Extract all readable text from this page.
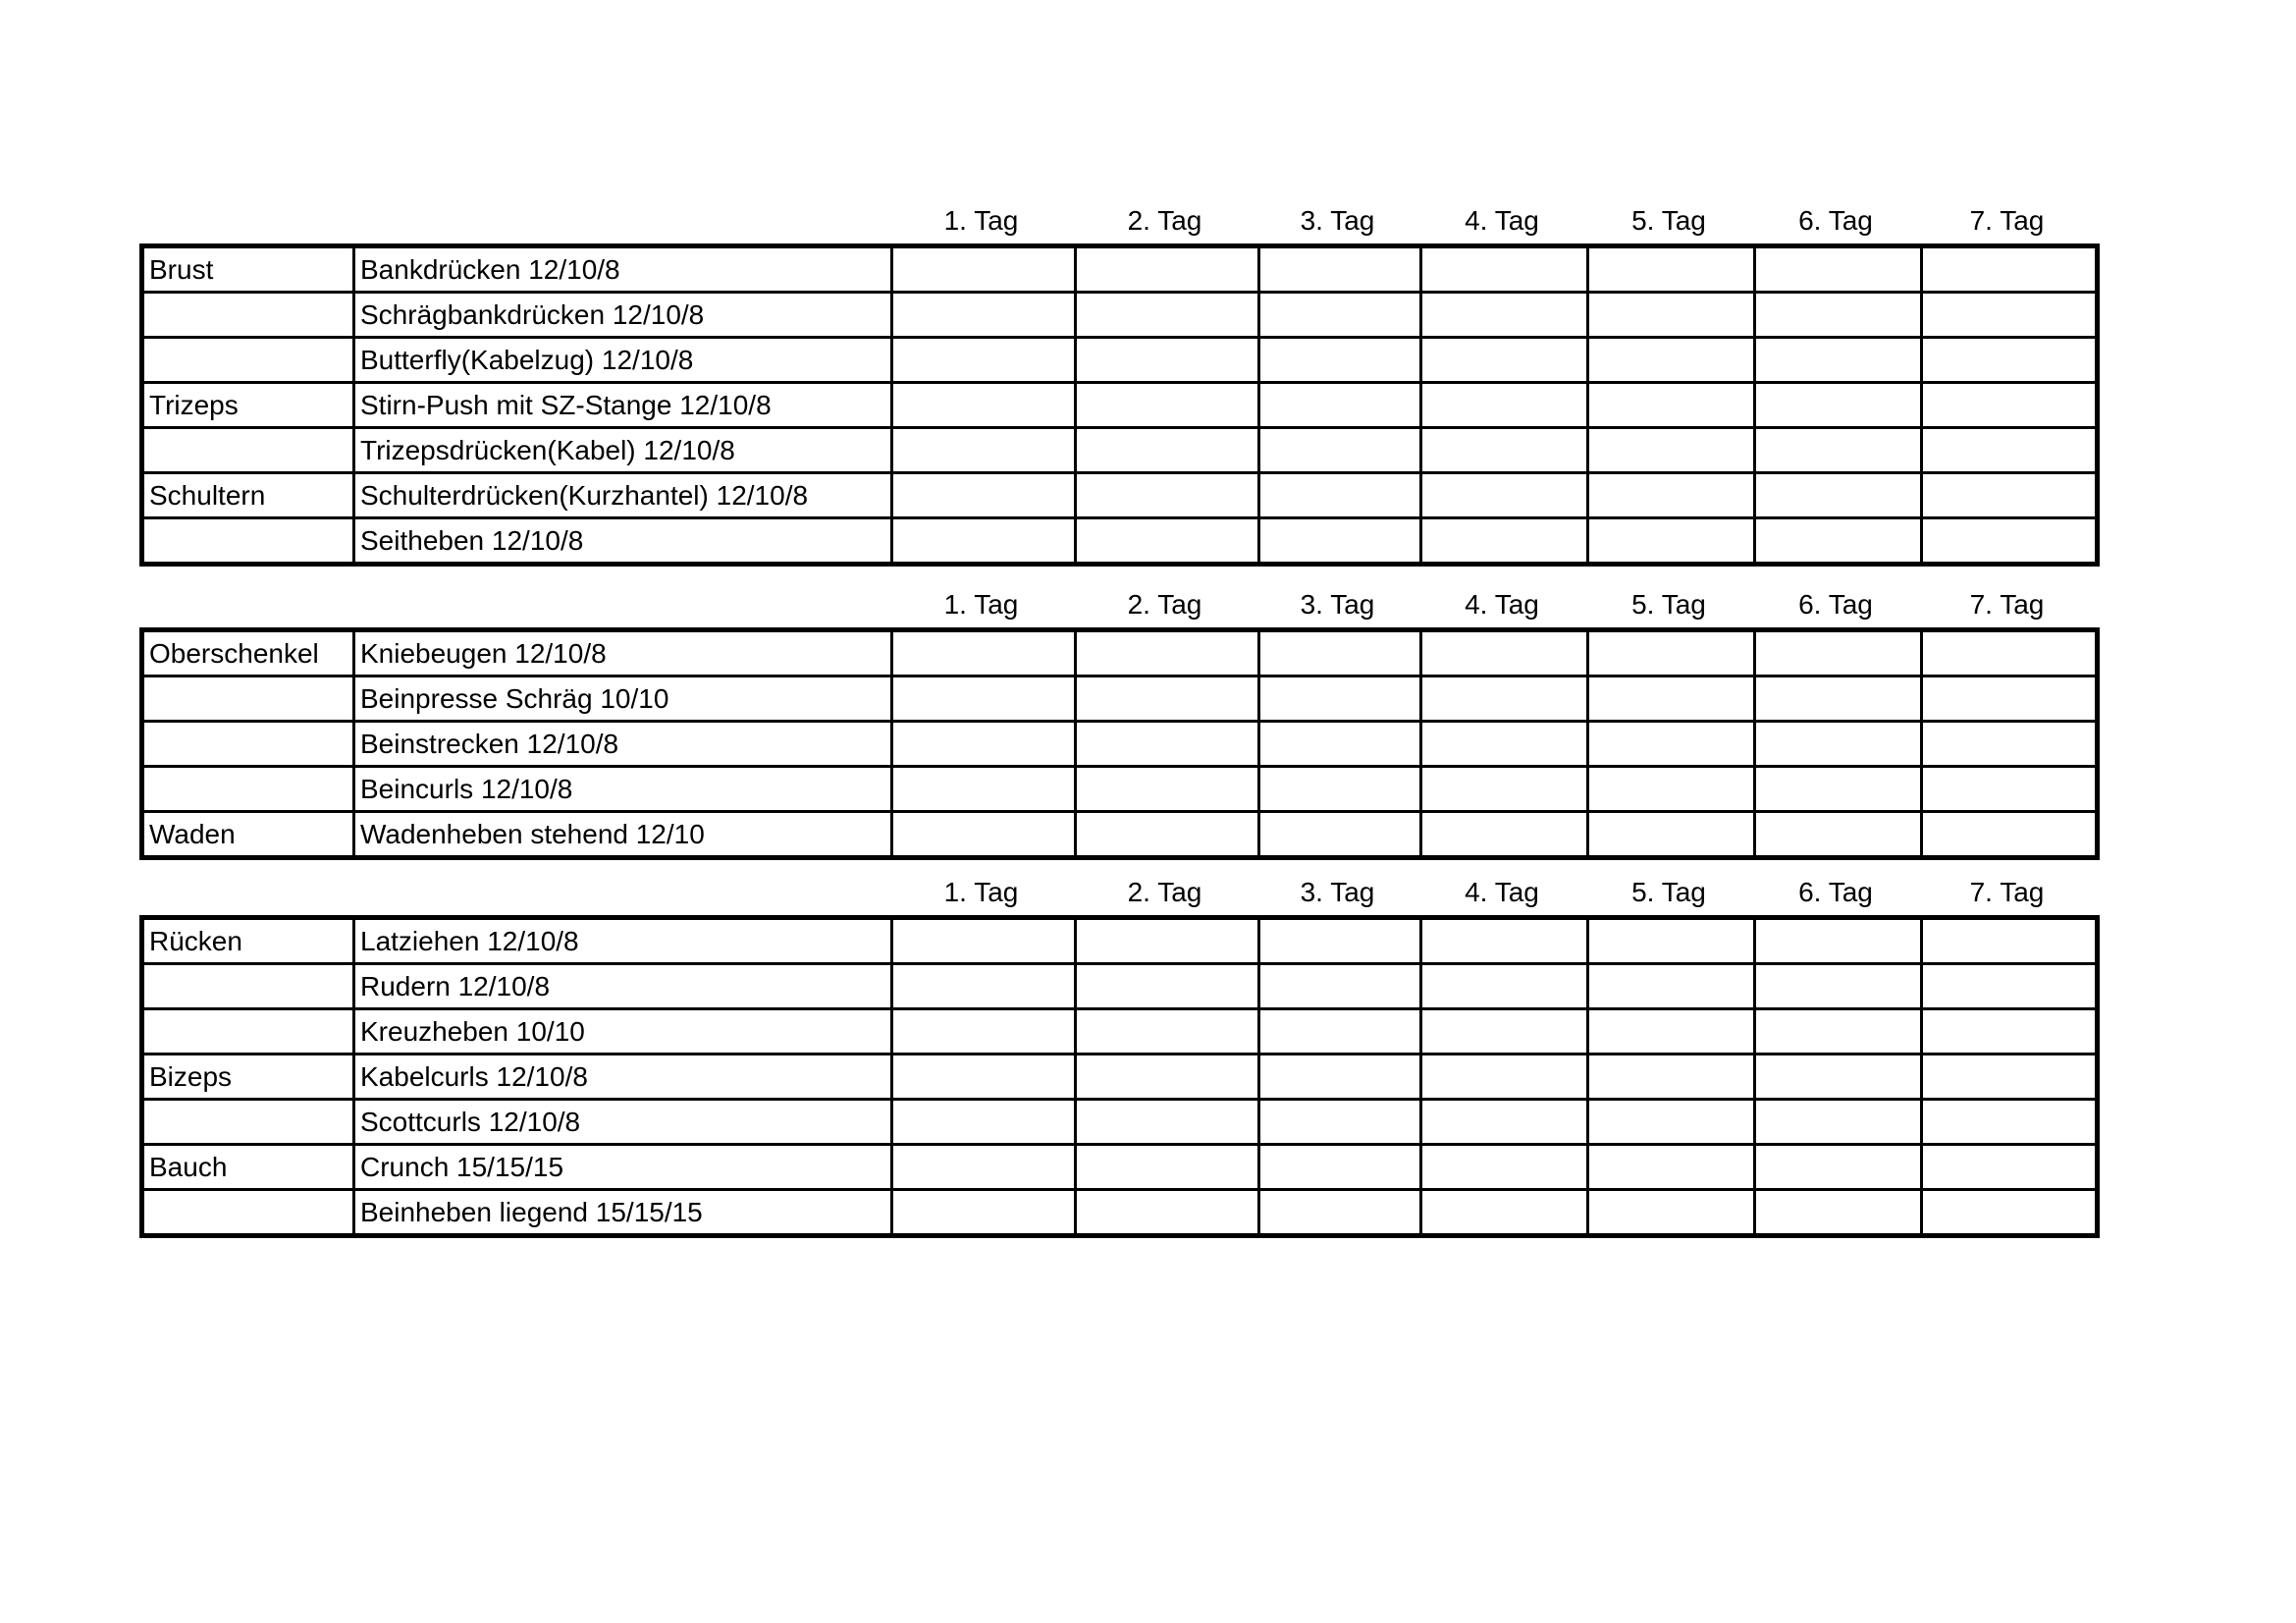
1. Tag	2. Tag	3. Tag	4. Tag	5. Tag	6. Tag	7. Tag
Brust	Bankdrücken 12/10/8							
	Schrägbankdrücken 12/10/8							
	Butterfly(Kabelzug) 12/10/8							
Trizeps	Stirn-Push mit SZ-Stange 12/10/8							
	Trizepsdrücken(Kabel) 12/10/8							
Schultern	Schulterdrücken(Kurzhantel) 12/10/8							
	Seitheben 12/10/8							
1. Tag	2. Tag	3. Tag	4. Tag	5. Tag	6. Tag	7. Tag
Oberschenkel	Kniebeugen 12/10/8							
	Beinpresse Schräg 10/10							
	Beinstrecken 12/10/8							
	Beincurls 12/10/8							
Waden	Wadenheben stehend 12/10							
1. Tag	2. Tag	3. Tag	4. Tag	5. Tag	6. Tag	7. Tag
Rücken	Latziehen 12/10/8							
	Rudern 12/10/8							
	Kreuzheben 10/10							
Bizeps	Kabelcurls 12/10/8							
	Scottcurls 12/10/8							
Bauch	Crunch 15/15/15							
	Beinheben liegend 15/15/15							
